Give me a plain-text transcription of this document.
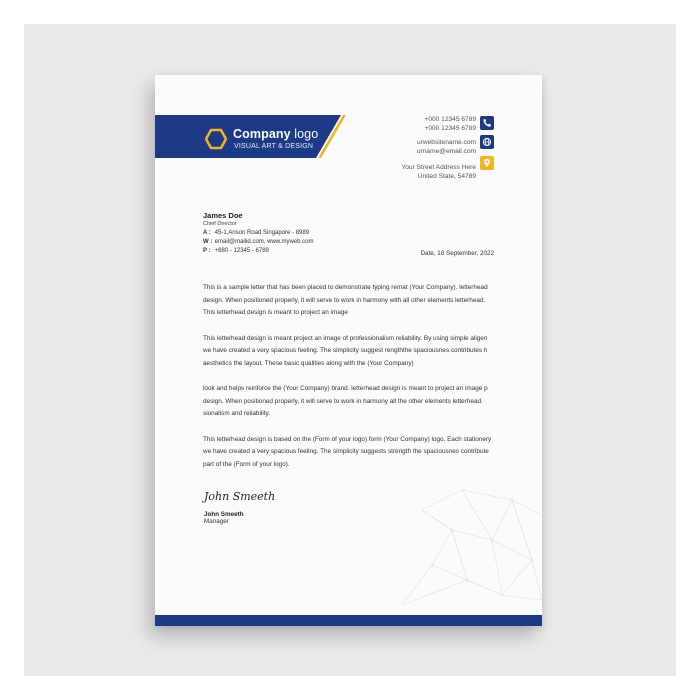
Company logo
VISUAL ART & DESIGN
+000 12345 6789
+000 12345 6789
urwebsitename.com
urname@email.com
Your Street Address Here
United State, 54789
James Doe
Chief Director
A : 45-1,Anson Road Singapore - 8989
W : email@mailid.com, www.myweb.com
P : +880 - 12345 - 6789	Date, 10 September, 2022

This is a sample letter that has been placed to demonstrate typing remat (Your Company). letterhead
design. When positioned properly, it will serve to work in harmony with all other elements letterhead.
This letterhead design is meant to project an image

This letterhead design is meant project an image of professionalism reliability. By using simple aligen
we have created a very spacious feeling. The simplicity suggest rengththe spaciousnes contributes h
aesthetics the layout. These basic qualities along with the (Your Company)

look and helps reinforce the (Your Company) brand. letterhead design is meant to project an image p
design. When positioned properly, it will serve to work in harmony all the other elements letterhead.
sionalism and reliability.

This letterhead design is based on the (Form of your logo) form (Your Company) logo. Each stationery
we have created a very spacious feeling. The simplicity suggests strength the spaciousnes contribute
part of the (Form of your logo).

John Smeeth
John Smeeth
Manager
